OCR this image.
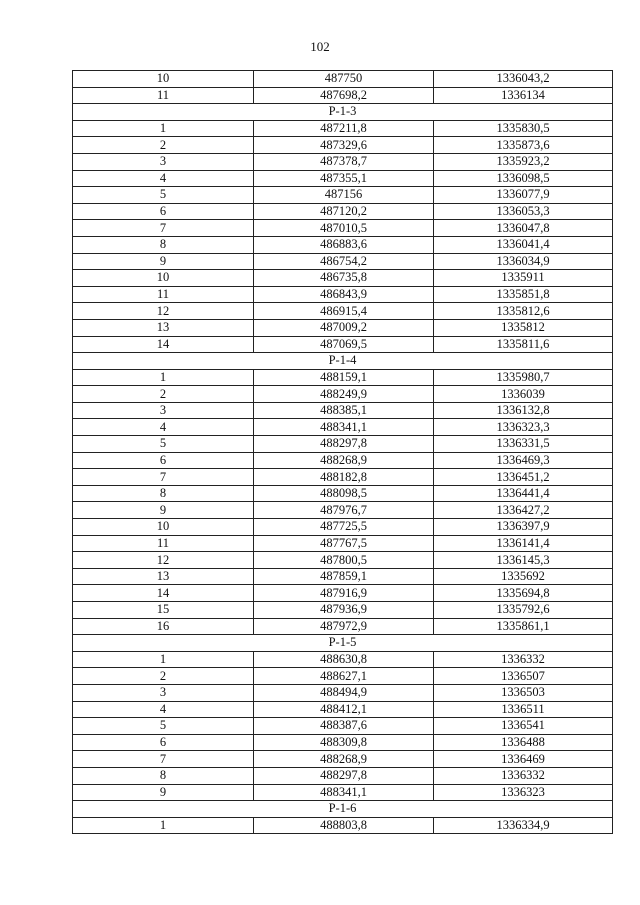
102
10	487750	1336043,2
11	487698,2	1336134
Р-1-3		
1	487211,8	1335830,5
2	487329,6	1335873,6
3	487378,7	1335923,2
4	487355,1	1336098,5
5	487156	1336077,9
6	487120,2	1336053,3
7	487010,5	1336047,8
8	486883,6	1336041,4
9	486754,2	1336034,9
10	486735,8	1335911
11	486843,9	1335851,8
12	486915,4	1335812,6
13	487009,2	1335812
14	487069,5	1335811,6
Р-1-4		
1	488159,1	1335980,7
2	488249,9	1336039
3	488385,1	1336132,8
4	488341,1	1336323,3
5	488297,8	1336331,5
6	488268,9	1336469,3
7	488182,8	1336451,2
8	488098,5	1336441,4
9	487976,7	1336427,2
10	487725,5	1336397,9
11	487767,5	1336141,4
12	487800,5	1336145,3
13	487859,1	1335692
14	487916,9	1335694,8
15	487936,9	1335792,6
16	487972,9	1335861,1
Р-1-5		
1	488630,8	1336332
2	488627,1	1336507
3	488494,9	1336503
4	488412,1	1336511
5	488387,6	1336541
6	488309,8	1336488
7	488268,9	1336469
8	488297,8	1336332
9	488341,1	1336323
Р-1-6		
1	488803,8	1336334,9
